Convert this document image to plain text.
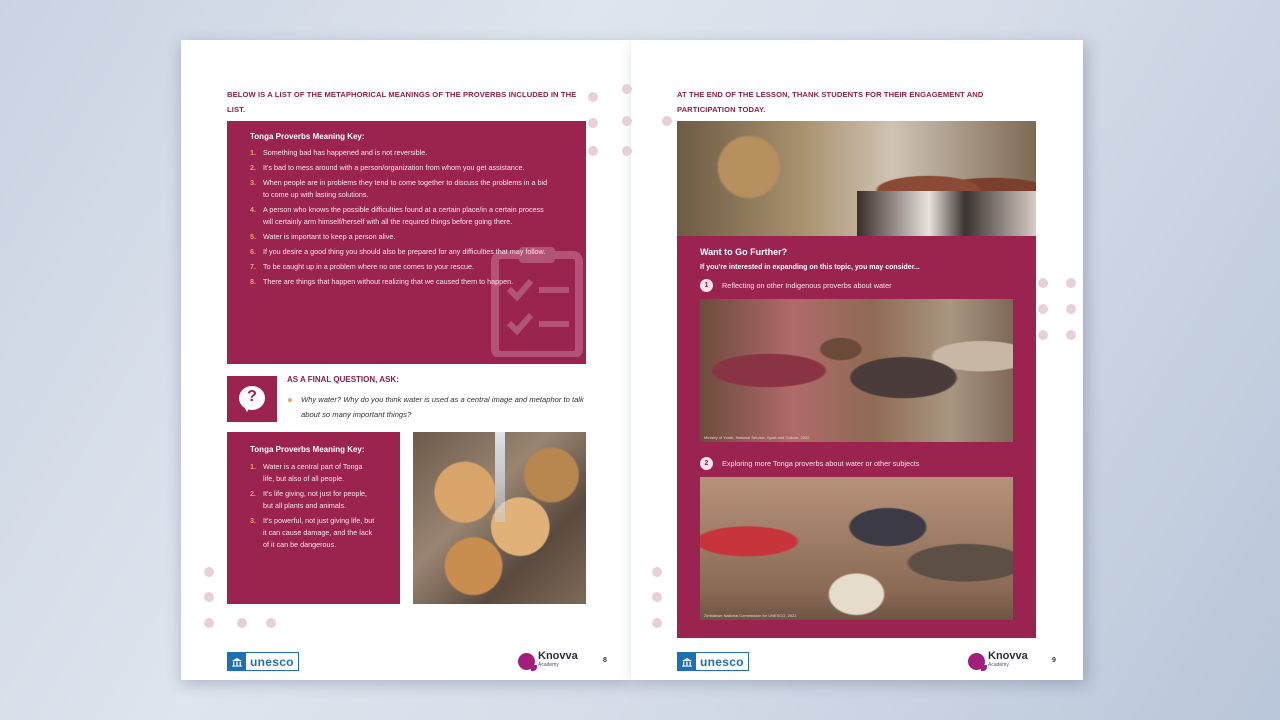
BELOW IS A LIST OF THE METAPHORICAL MEANINGS OF THE PROVERBS INCLUDED IN THE LIST.
Tonga Proverbs Meaning Key:
1. Something bad has happened and is not reversible.
2. It's bad to mess around with a person/organization from whom you get assistance.
3. When people are in problems they tend to come together to discuss the problems in a bid to come up with lasting solutions.
4. A person who knows the possible difficulties found at a certain place/in a certain process will certainly arm himself/herself with all the required things before going there.
5. Water is important to keep a person alive.
6. If you desire a good thing you should also be prepared for any difficulties that may follow.
7. To be caught up in a problem where no one comes to your rescue.
8. There are things that happen without realizing that we caused them to happen.
?
AS A FINAL QUESTION, ASK:
Why water? Why do you think water is used as a central image and metaphor to talk about so many important things?
Tonga Proverbs Meaning Key:
1. Water is a central part of Tonga life, but also of all people.
2. It's life giving, not just for people, but all plants and animals.
3. It's powerful, not just giving life, but it can cause damage, and the lack of it can be dangerous.
unesco	Knovva
Academy
8
AT THE END OF THE LESSON, THANK STUDENTS FOR THEIR ENGAGEMENT AND PARTICIPATION TODAY.
Want to Go Further?
If you're interested in expanding on this topic, you may consider...
1	Reflecting on other Indigenous proverbs about water
Ministry of Youth, National Service, Sport and Culture, 2022
2	Exploring more Tonga proverbs about water or other subjects
Zimbabwe National Commission for UNESCO, 2022
unesco	Knovva
Academy
9
